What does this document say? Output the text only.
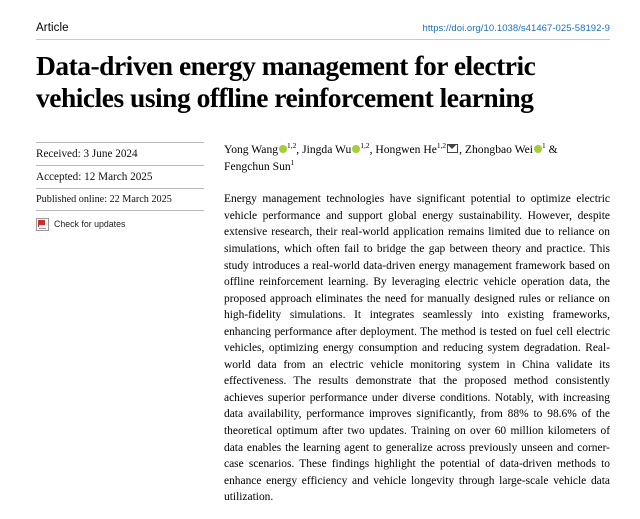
Article	https://doi.org/10.1038/s41467-025-58192-9
Data-driven energy management for electric vehicles using offline reinforcement learning
Received: 3 June 2024
Accepted: 12 March 2025
Published online: 22 March 2025
Check for updates
Yong Wang $^{1,2}$, Jingda Wu $^{1,2}$, Hongwen He$^{1,2}$ , Zhongbao Wei $^1$ &
Fengchun Sun$^1$

Energy management technologies have significant potential to optimize electric vehicle performance and support global energy sustainability. However, despite extensive research, their real-world application remains limited due to reliance on simulations, which often fail to bridge the gap between theory and practice. This study introduces a real-world data-driven energy management framework based on offline reinforcement learning. By leveraging electric vehicle operation data, the proposed approach eliminates the need for manually designed rules or reliance on high-fidelity simulations. It integrates seamlessly into existing frameworks, enhancing performance after deployment. The method is tested on fuel cell electric vehicles, optimizing energy consumption and reducing system degradation. Real-world data from an electric vehicle monitoring system in China validate its effectiveness. The results demonstrate that the proposed method consistently achieves superior performance under diverse conditions. Notably, with increasing data availability, performance improves significantly, from 88% to 98.6% of the theoretical optimum after two updates. Training on over 60 million kilometers of data enables the learning agent to generalize across previously unseen and corner-case scenarios. These findings highlight the potential of data-driven methods to enhance energy efficiency and vehicle longevity through large-scale vehicle data utilization.
